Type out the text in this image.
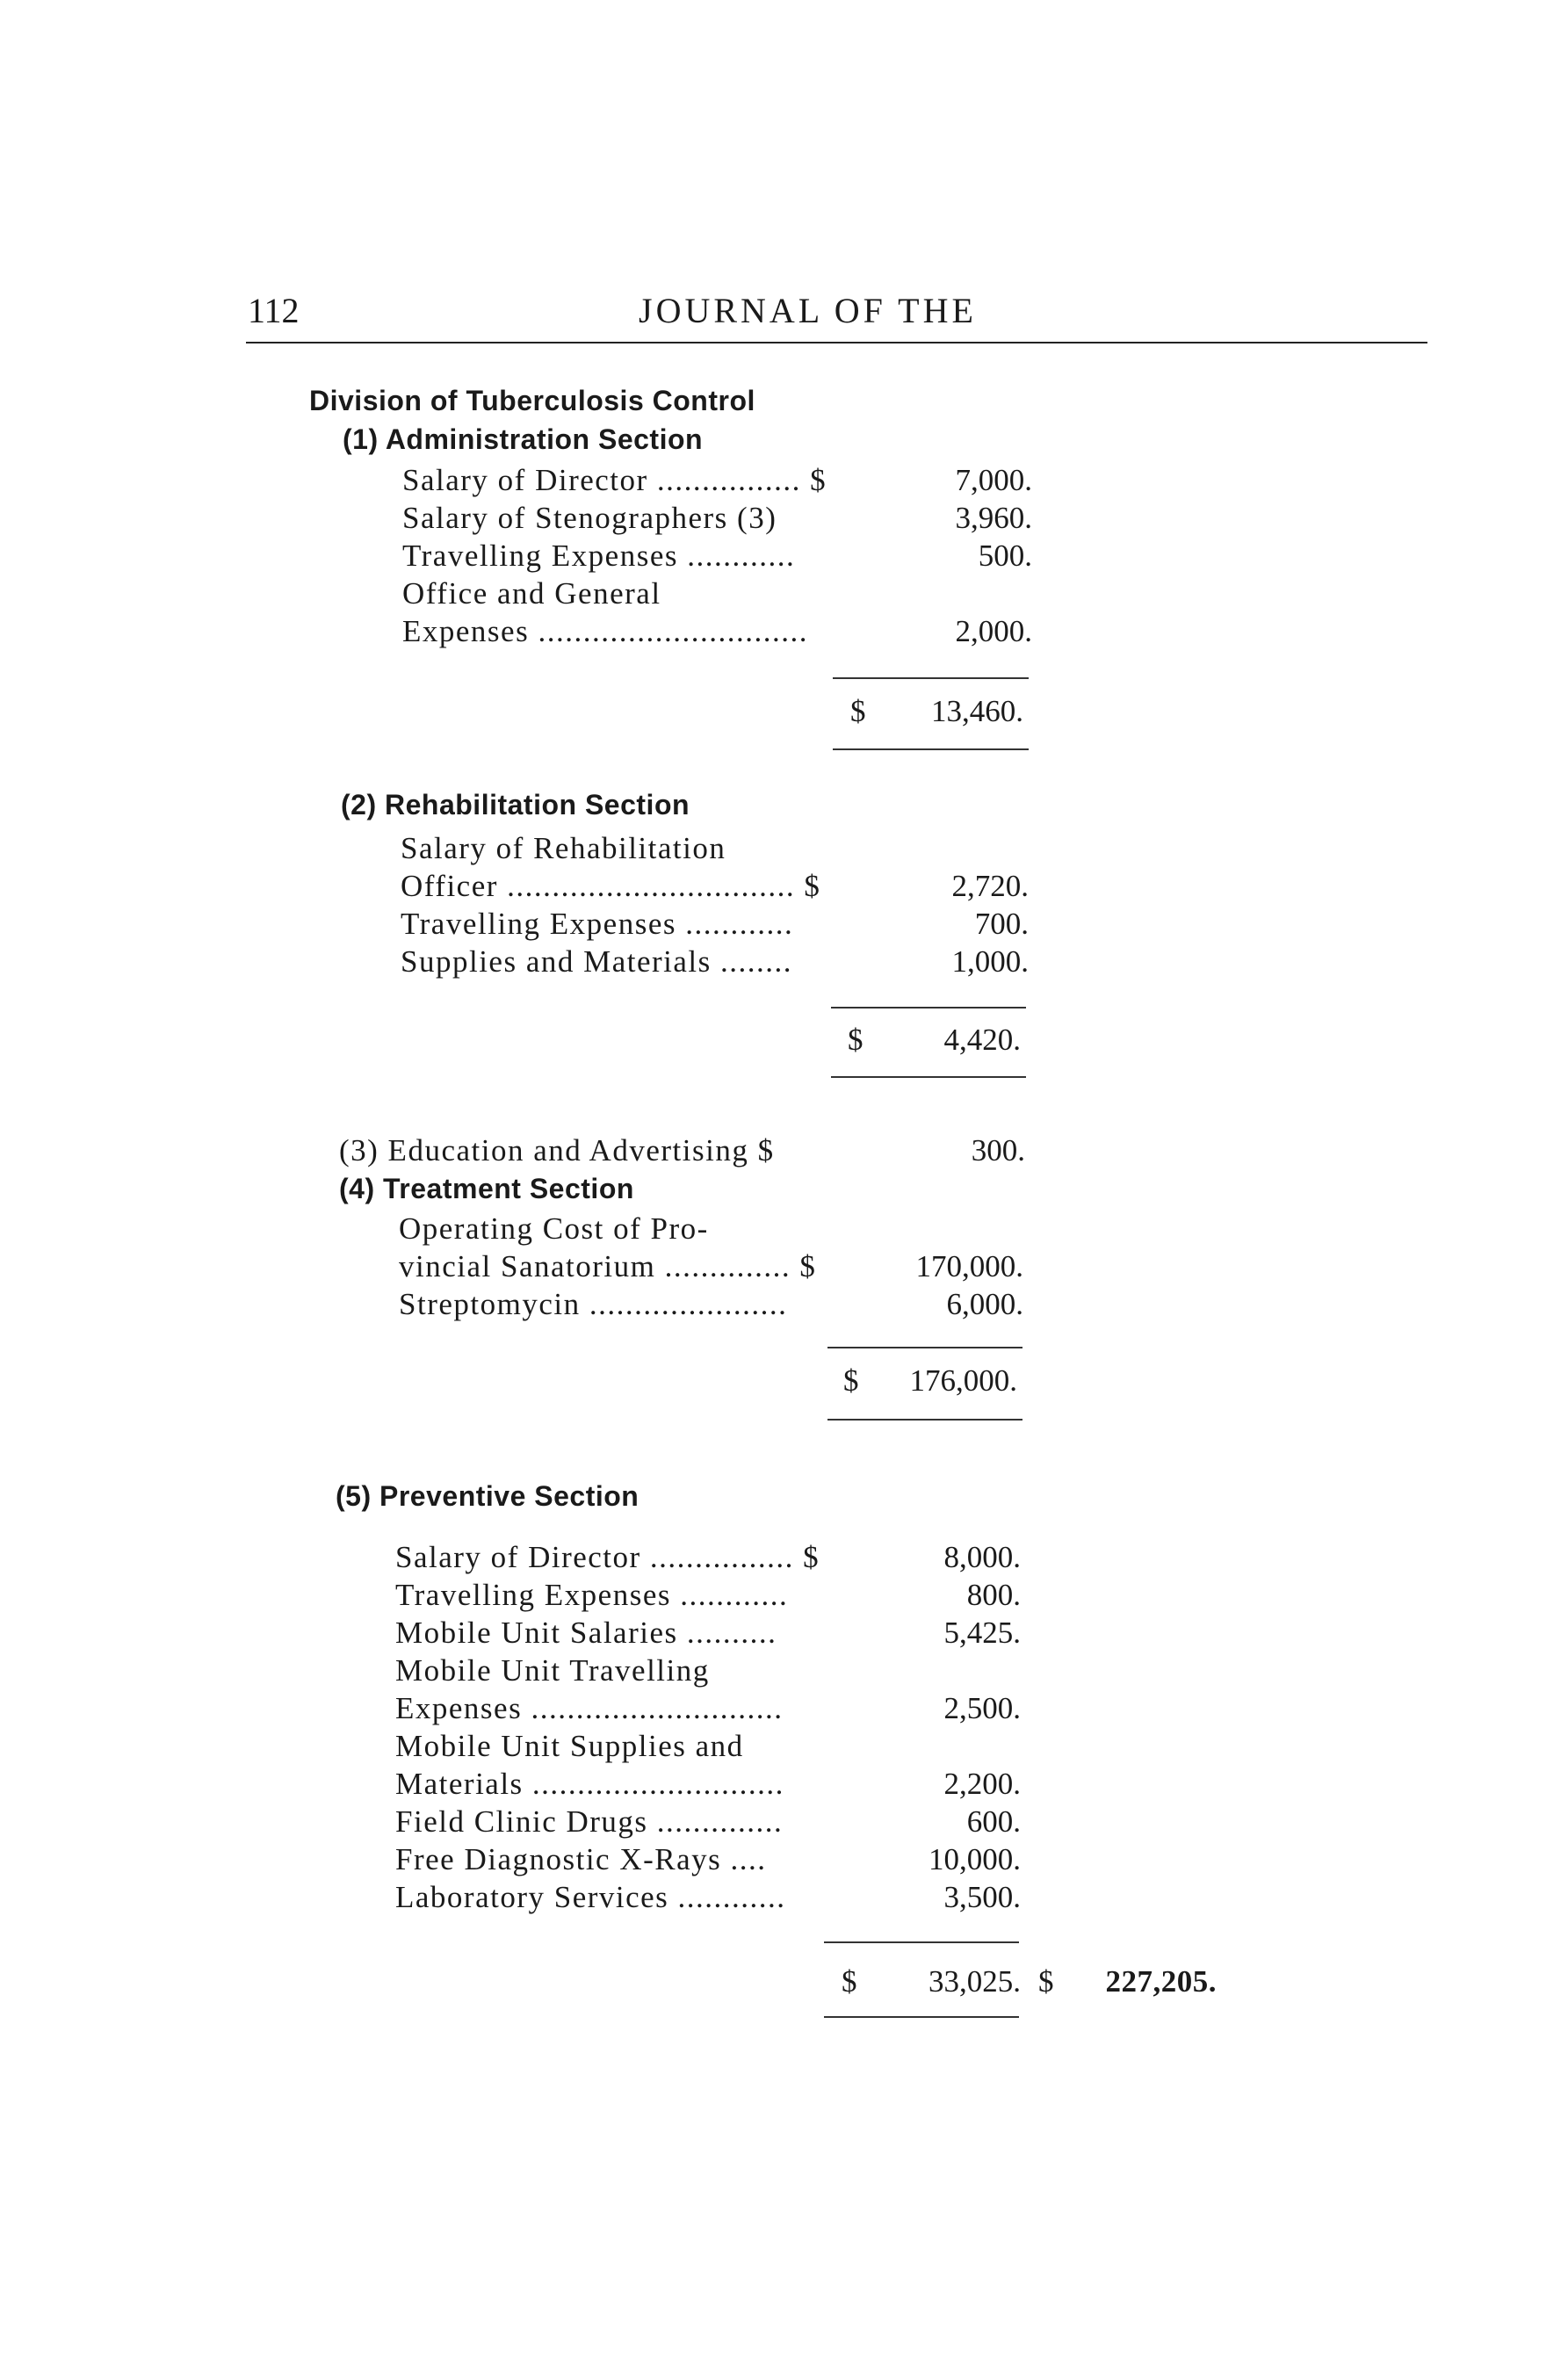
112	JOURNAL OF THE
Division of Tuberculosis Control
(1) Administration Section
Salary of Director ................ $	7,000.
Salary of Stenographers (3)	3,960.
Travelling Expenses ............	500.
Office and General
Expenses ..............................	2,000.
$	13,460.
(2) Rehabilitation Section
Salary of Rehabilitation
Officer ................................ $	2,720.
Travelling Expenses ............	700.
Supplies and Materials ........	1,000.
$	4,420.
(3) Education and Advertising $	300.
(4) Treatment Section
Operating Cost of Pro-
vincial Sanatorium .............. $	170,000.
Streptomycin ......................	6,000.
$	176,000.
(5) Preventive Section
Salary of Director ................ $	8,000.
Travelling Expenses ............	800.
Mobile Unit Salaries ..........	5,425.
Mobile Unit Travelling
Expenses ............................	2,500.
Mobile Unit Supplies and
Materials ............................	2,200.
Field Clinic Drugs ..............	600.
Free Diagnostic X-Rays ....	10,000.
Laboratory Services ............	3,500.
$	33,025. $	227,205.
